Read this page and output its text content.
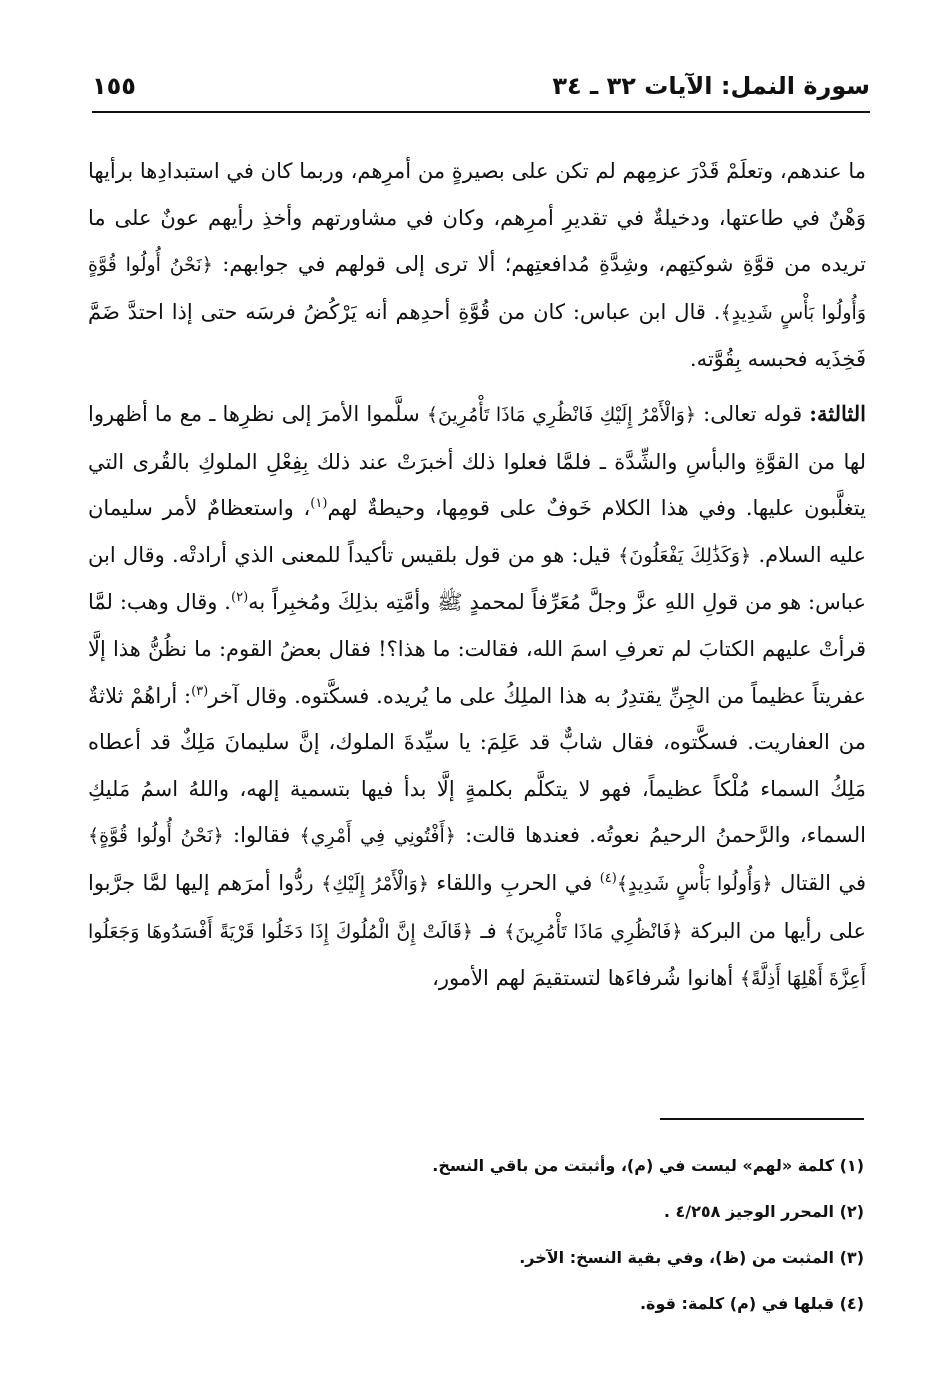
سورة النمل: الآيات ٣٢ ـ ٣٤
١٥٥

ما عندهم، وتعلَمْ قَدْرَ عزمِهم لم تكن على بصيرةٍ من أمرِهم، وربما كان في استبدادِها برأيها وَهْنٌ في طاعتها، ودخيلةٌ في تقديرِ أمرِهم، وكان في مشاورتهم وأخذِ رأيهم عونٌ على ما تريده من قوَّةِ شوكتِهم، وشِدَّةِ مُدافعتِهم؛ ألا ترى إلى قولهم في جوابهم: ﴿نَحْنُ أُولُوا قُوَّةٍ وَأُولُوا بَأْسٍ شَدِيدٍ﴾. قال ابن عباس: كان من قُوَّةِ أحدِهم أنه يَرْكُضُ فرسَه حتى إذا احتدَّ ضَمَّ فَخِذَيه فحبسه بِقُوَّته.

الثالثة: قوله تعالى: ﴿وَالْأَمْرُ إِلَيْكِ فَانْظُرِي مَاذَا تَأْمُرِينَ﴾ سلَّموا الأمرَ إلى نظرِها ـ مع ما أظهروا لها من القوَّةِ والبأسِ والشِّدَّة ـ فلمَّا فعلوا ذلك أخبرَتْ عند ذلك بِفِعْلِ الملوكِ بالقُرى التي يتغلَّبون عليها. وفي هذا الكلام خَوفٌ على قومِها، وحيطةٌ لهم$^{(١)}$، واستعظامٌ لأمر سليمان عليه السلام. ﴿وَكَذَٰلِكَ يَفْعَلُونَ﴾ قيل: هو من قول بلقيس تأكيداً للمعنى الذي أرادتْه. وقال ابن عباس: هو من قولِ اللهِ عزَّ وجلَّ مُعَرِّفاً لمحمدٍ ﷺ وأمَّتِه بذلِكَ ومُخبِراً به$^{(٢)}$. وقال وهب: لمَّا قرأتْ عليهم الكتابَ لم تعرفِ اسمَ الله، فقالت: ما هذا؟! فقال بعضُ القوم: ما نظُنُّ هذا إلَّا عفريتاً عظيماً من الجِنِّ يقتدِرُ به هذا الملِكُ على ما يُريده. فسكَّتوه. وقال آخر$^{(٣)}$: أراهُمْ ثلاثةٌ من العفاريت. فسكَّتوه، فقال شابٌّ قد عَلِمَ: يا سيِّدةَ الملوك، إنَّ سليمانَ مَلِكٌ قد أعطاه مَلِكُ السماء مُلْكاً عظيماً، فهو لا يتكلَّم بكلمةٍ إلَّا بدأ فيها بتسمية إلهه، واللهُ اسمُ مَليكِ السماء، والرَّحمنُ الرحيمُ نعوتُه. فعندها قالت: ﴿أَفْتُونِي فِي أَمْرِي﴾ فقالوا: ﴿نَحْنُ أُولُوا قُوَّةٍ﴾ في القتال ﴿وَأُولُوا بَأْسٍ شَدِيدٍ﴾$^{(٤)}$ في الحربِ واللقاء ﴿وَالْأَمْرُ إِلَيْكِ﴾ ردُّوا أمرَهم إليها لمَّا جرَّبوا على رأيها من البركة ﴿فَانْظُرِي مَاذَا تَأْمُرِينَ﴾ فـ ﴿قَالَتْ إِنَّ الْمُلُوكَ إِذَا دَخَلُوا قَرْيَةً أَفْسَدُوهَا وَجَعَلُوا أَعِزَّةَ أَهْلِهَا أَذِلَّةً﴾ أهانوا شُرفاءَها لتستقيمَ لهم الأمور،

(١) كلمة «لهم» ليست في (م)، وأثبتت من باقي النسخ.
(٢) المحرر الوجيز ٤/٢٥٨ .
(٣) المثبت من (ظ)، وفي بقية النسخ: الآخر.
(٤) قبلها في (م) كلمة: قوة.
